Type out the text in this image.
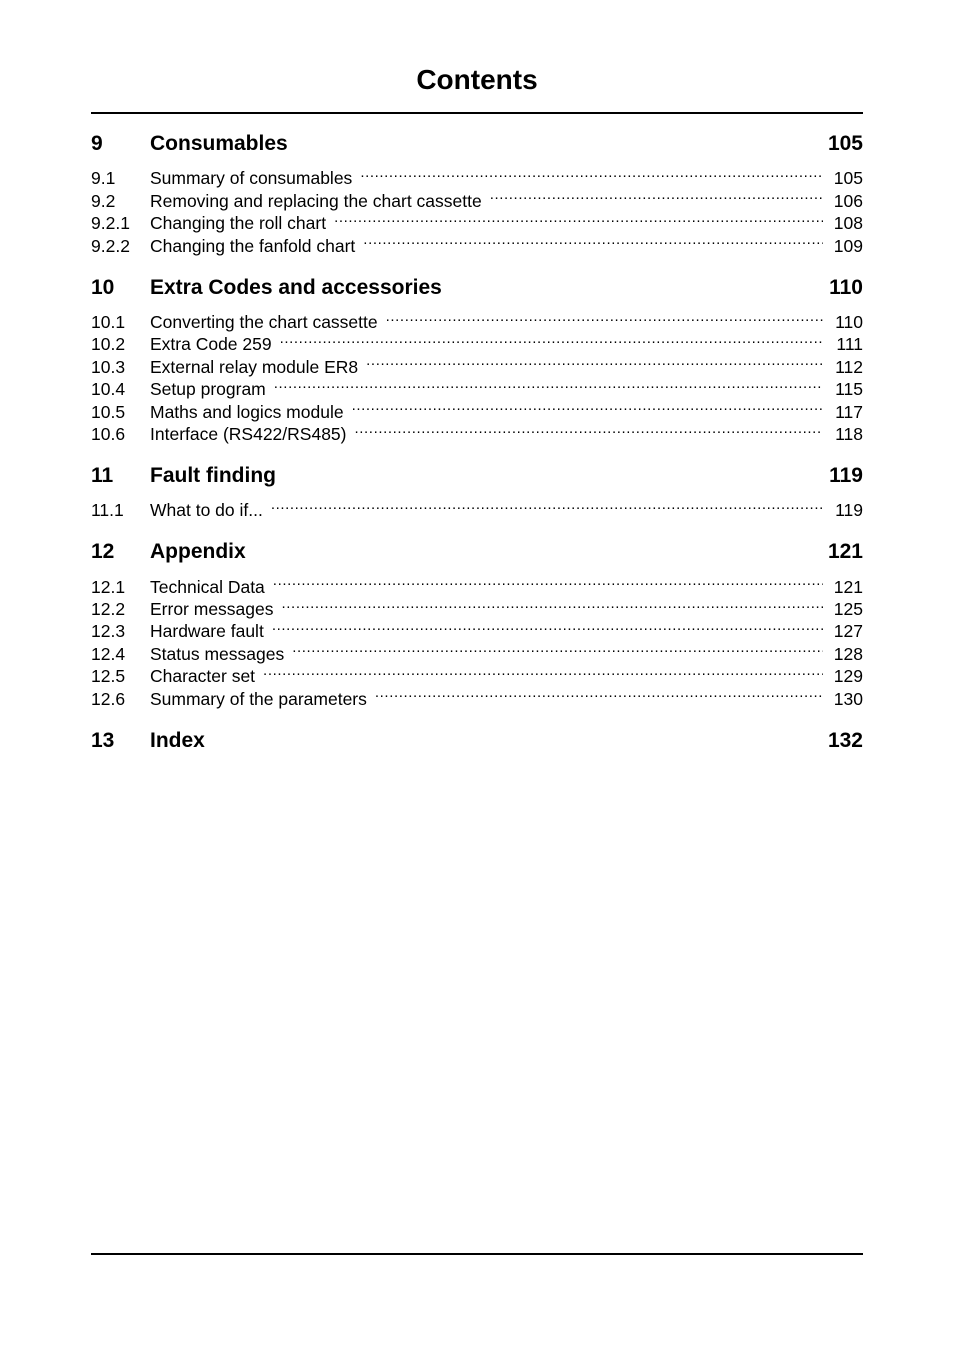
Contents
9	Consumables	105
9.1	Summary of consumables .....	105
9.2	Removing and replacing the chart cassette .....	106
9.2.1	Changing the roll chart .....	108
9.2.2	Changing the fanfold chart .....	109
10	Extra Codes and accessories	110
10.1	Converting the chart cassette .....	110
10.2	Extra Code 259 .....	111
10.3	External relay module ER8 .....	112
10.4	Setup program .....	115
10.5	Maths and logics module .....	117
10.6	Interface (RS422/RS485) .....	118
11	Fault finding	119
11.1	What to do if... .....	119
12	Appendix	121
12.1	Technical Data .....	121
12.2	Error messages .....	125
12.3	Hardware fault .....	127
12.4	Status messages .....	128
12.5	Character set .....	129
12.6	Summary of the parameters .....	130
13	Index	132
